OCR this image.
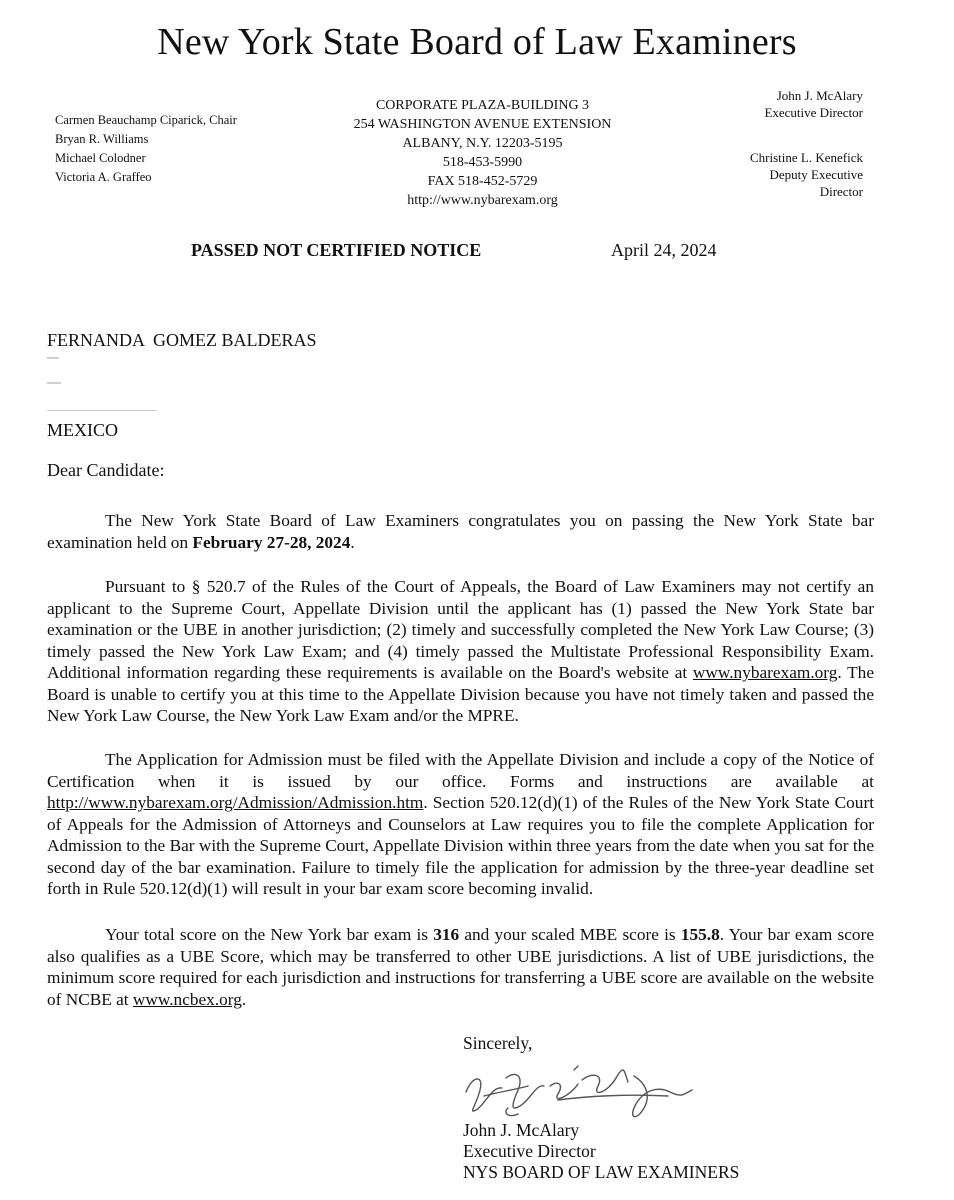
New York State Board of Law Examiners
Carmen Beauchamp Ciparick, Chair
Bryan R. Williams
Michael Colodner
Victoria A. Graffeo
CORPORATE PLAZA-BUILDING 3
254 WASHINGTON AVENUE EXTENSION
ALBANY, N.Y. 12203-5195
518-453-5990
FAX 518-452-5729
http://www.nybarexam.org
John J. McAlary
Executive Director
Christine L. Kenefick
Deputy Executive
Director
PASSED NOT CERTIFIED NOTICE	April 24, 2024
FERNANDA  GOMEZ BALDERAS
MEXICO
Dear Candidate:
The New York State Board of Law Examiners congratulates you on passing the New York State bar examination held on February 27-28, 2024.
Pursuant to § 520.7 of the Rules of the Court of Appeals, the Board of Law Examiners may not certify an applicant to the Supreme Court, Appellate Division until the applicant has (1) passed the New York State bar examination or the UBE in another jurisdiction; (2) timely and successfully completed the New York Law Course; (3) timely passed the New York Law Exam; and (4) timely passed the Multistate Professional Responsibility Exam. Additional information regarding these requirements is available on the Board's website at www.nybarexam.org. The Board is unable to certify you at this time to the Appellate Division because you have not timely taken and passed the New York Law Course, the New York Law Exam and/or the MPRE.
The Application for Admission must be filed with the Appellate Division and include a copy of the Notice of Certification when it is issued by our office. Forms and instructions are available at http://www.nybarexam.org/Admission/Admission.htm. Section 520.12(d)(1) of the Rules of the New York State Court of Appeals for the Admission of Attorneys and Counselors at Law requires you to file the complete Application for Admission to the Bar with the Supreme Court, Appellate Division within three years from the date when you sat for the second day of the bar examination. Failure to timely file the application for admission by the three-year deadline set forth in Rule 520.12(d)(1) will result in your bar exam score becoming invalid.
Your total score on the New York bar exam is 316 and your scaled MBE score is 155.8. Your bar exam score also qualifies as a UBE Score, which may be transferred to other UBE jurisdictions. A list of UBE jurisdictions, the minimum score required for each jurisdiction and instructions for transferring a UBE score are available on the website of NCBE at www.ncbex.org.
Sincerely,
John J. McAlary
Executive Director
NYS BOARD OF LAW EXAMINERS
